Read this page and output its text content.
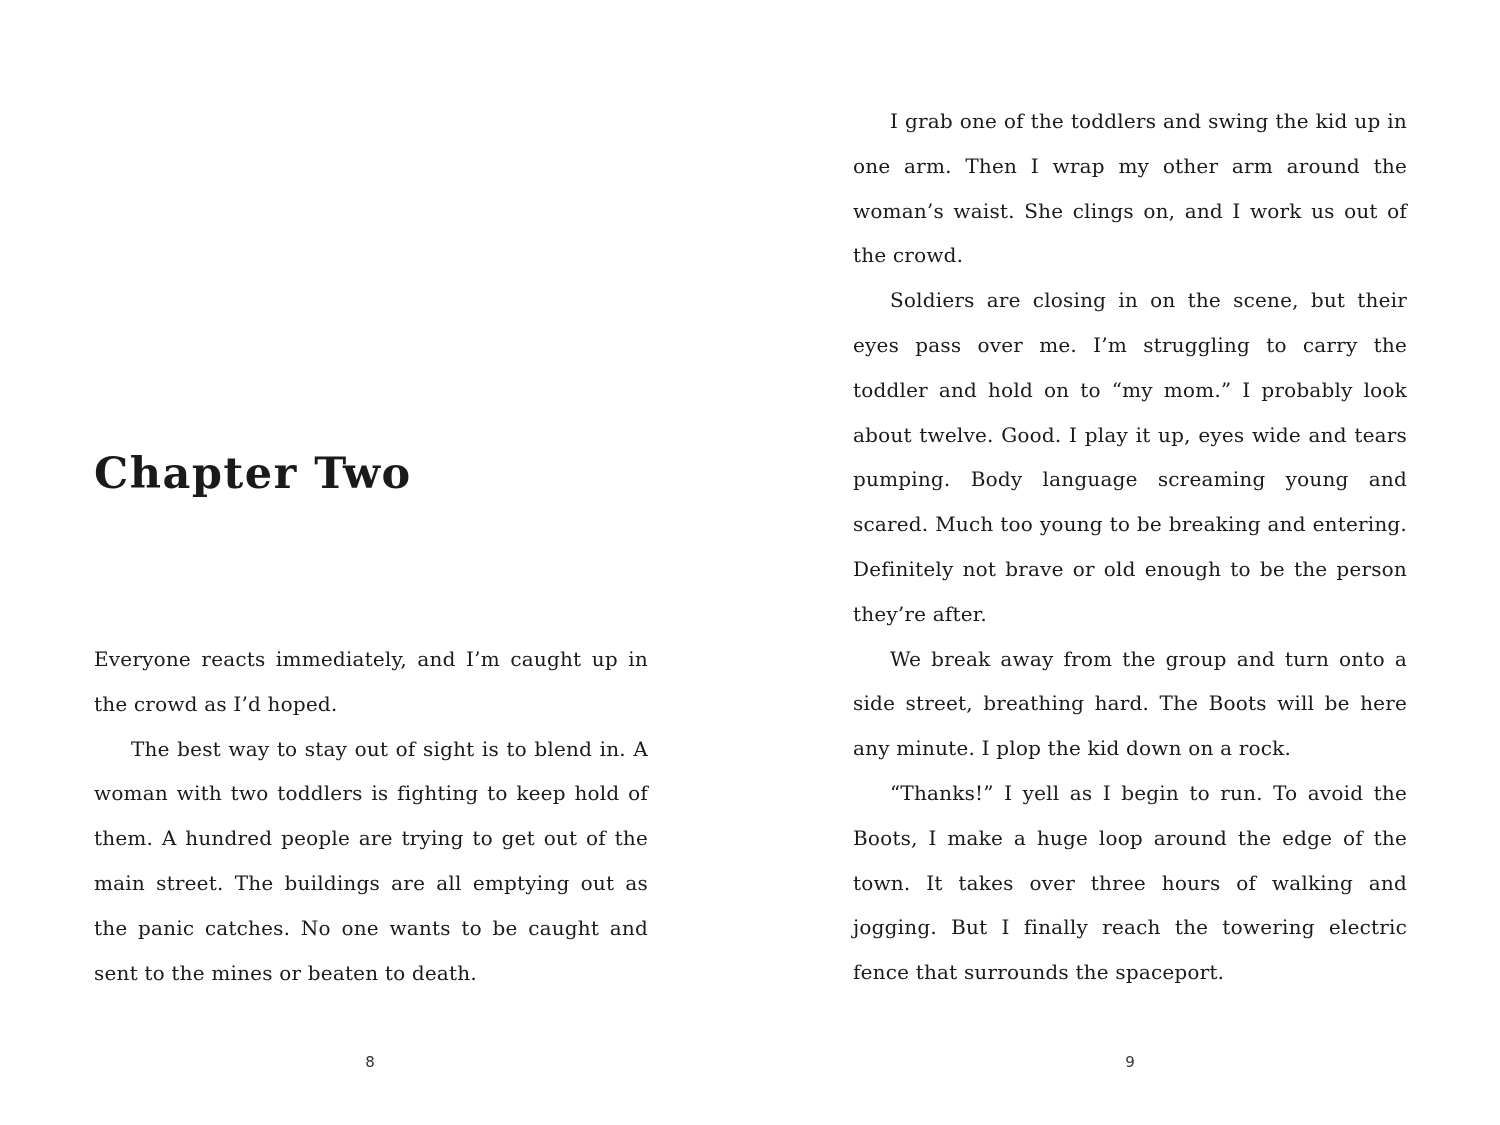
Chapter Two

Everyone reacts immediately, and I’m caught up in the crowd as I’d hoped.

The best way to stay out of sight is to blend in. A woman with two toddlers is fighting to keep hold of them. A hundred people are trying to get out of the main street. The buildings are all emptying out as the panic catches. No one wants to be caught and sent to the mines or beaten to death.

8

I grab one of the toddlers and swing the kid up in one arm. Then I wrap my other arm around the woman’s waist. She clings on, and I work us out of the crowd.

Soldiers are closing in on the scene, but their eyes pass over me. I’m struggling to carry the toddler and hold on to “my mom.” I probably look about twelve. Good. I play it up, eyes wide and tears pumping. Body language screaming young and scared. Much too young to be breaking and entering. Definitely not brave or old enough to be the person they’re after.

We break away from the group and turn onto a side street, breathing hard. The Boots will be here any minute. I plop the kid down on a rock.

“Thanks!” I yell as I begin to run. To avoid the Boots, I make a huge loop around the edge of the town. It takes over three hours of walking and jogging. But I finally reach the towering electric fence that surrounds the spaceport.

9
